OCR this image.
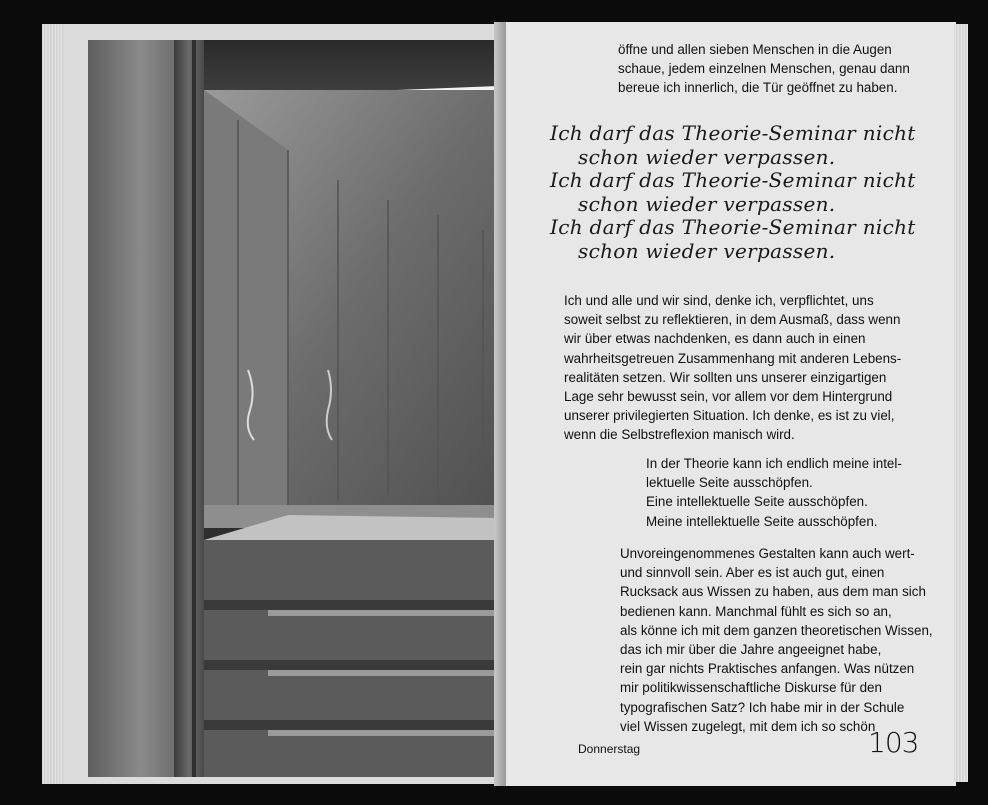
öffne und allen sieben Menschen in die Augen
schaue, jedem einzelnen Menschen, genau dann
bereue ich innerlich, die Tür geöffnet zu haben.
Ich darf das Theorie-Seminar nicht
schon wieder verpassen.
Ich darf das Theorie-Seminar nicht
schon wieder verpassen.
Ich darf das Theorie-Seminar nicht
schon wieder verpassen.
Ich und alle und wir sind, denke ich, verpflichtet, uns
soweit selbst zu reflektieren, in dem Ausmaß, dass wenn
wir über etwas nachdenken, es dann auch in einen
wahrheitsgetreuen Zusammenhang mit anderen Lebens-
realitäten setzen. Wir sollten uns unserer einzigartigen
Lage sehr bewusst sein, vor allem vor dem Hintergrund
unserer privilegierten Situation. Ich denke, es ist zu viel,
wenn die Selbstreflexion manisch wird.
In der Theorie kann ich endlich meine intel-
lektuelle Seite ausschöpfen.
Eine intellektuelle Seite ausschöpfen.
Meine intellektuelle Seite ausschöpfen.
Unvoreingenommenes Gestalten kann auch wert-
und sinnvoll sein. Aber es ist auch gut, einen
Rucksack aus Wissen zu haben, aus dem man sich
bedienen kann. Manchmal fühlt es sich so an,
als könne ich mit dem ganzen theoretischen Wissen,
das ich mir über die Jahre angeeignet habe,
rein gar nichts Praktisches anfangen. Was nützen
mir politikwissenschaftliche Diskurse für den
typografischen Satz? Ich habe mir in der Schule
viel Wissen zugelegt, mit dem ich so schön
Donnerstag	103
